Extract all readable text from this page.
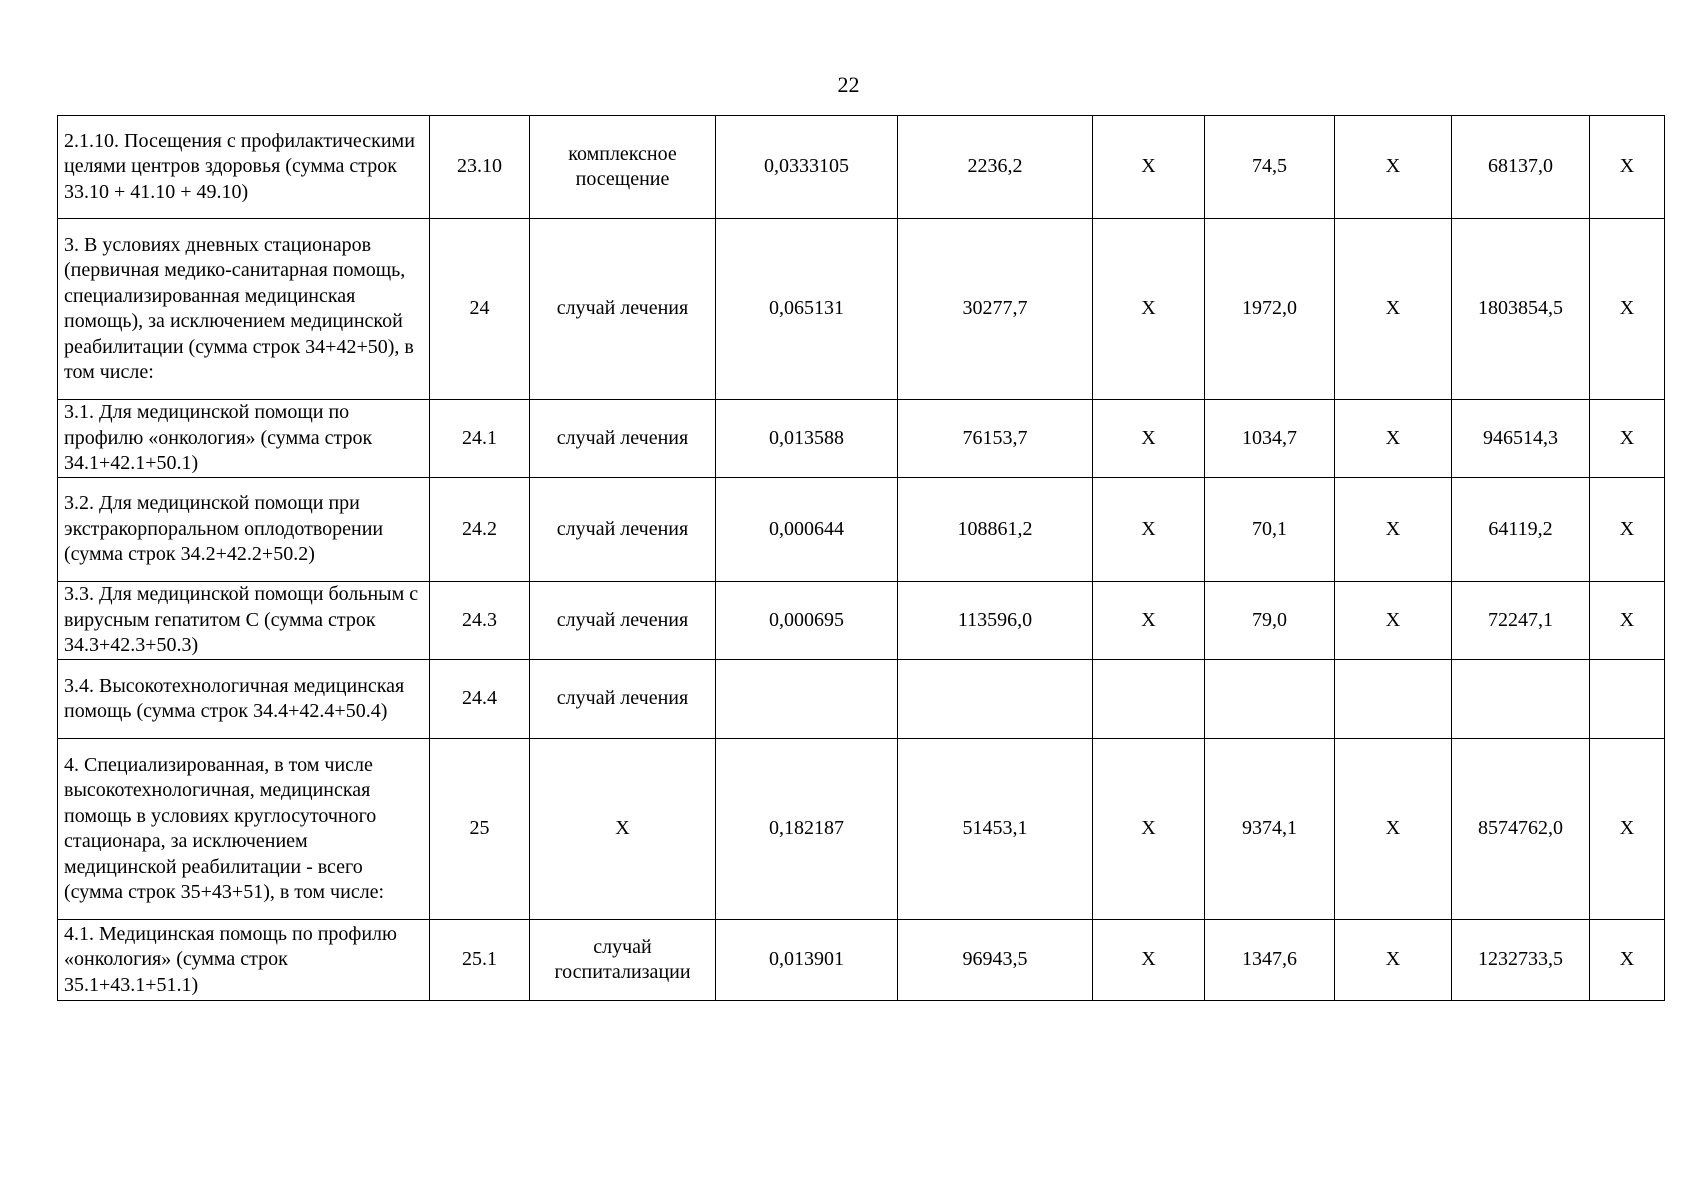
22
2.1.10. Посещения с профилактическими целями центров здоровья (сумма строк 33.10 + 41.10 + 49.10)	23.10	комплексное посещение	0,0333105	2236,2	Х	74,5	Х	68137,0	Х
3. В условиях дневных стационаров (первичная медико-санитарная помощь, специализированная медицинская помощь), за исключением медицинской реабилитации (сумма строк 34+42+50), в том числе:	24	случай лечения	0,065131	30277,7	Х	1972,0	Х	1803854,5	Х
3.1. Для медицинской помощи по профилю «онкология» (сумма строк 34.1+42.1+50.1)	24.1	случай лечения	0,013588	76153,7	Х	1034,7	Х	946514,3	Х
3.2. Для медицинской помощи при экстракорпоральном оплодотворении (сумма строк 34.2+42.2+50.2)	24.2	случай лечения	0,000644	108861,2	Х	70,1	Х	64119,2	Х
3.3. Для медицинской помощи больным с вирусным гепатитом С (сумма строк 34.3+42.3+50.3)	24.3	случай лечения	0,000695	113596,0	Х	79,0	Х	72247,1	Х
3.4. Высокотехнологичная медицинская помощь (сумма строк 34.4+42.4+50.4)	24.4	случай лечения							
4. Специализированная, в том числе высокотехнологичная, медицинская помощь в условиях круглосуточного стационара, за исключением медицинской реабилитации - всего (сумма строк 35+43+51), в том числе:	25	Х	0,182187	51453,1	Х	9374,1	Х	8574762,0	Х
4.1. Медицинская помощь по профилю «онкология» (сумма строк 35.1+43.1+51.1)	25.1	случай госпитализации	0,013901	96943,5	Х	1347,6	Х	1232733,5	Х
